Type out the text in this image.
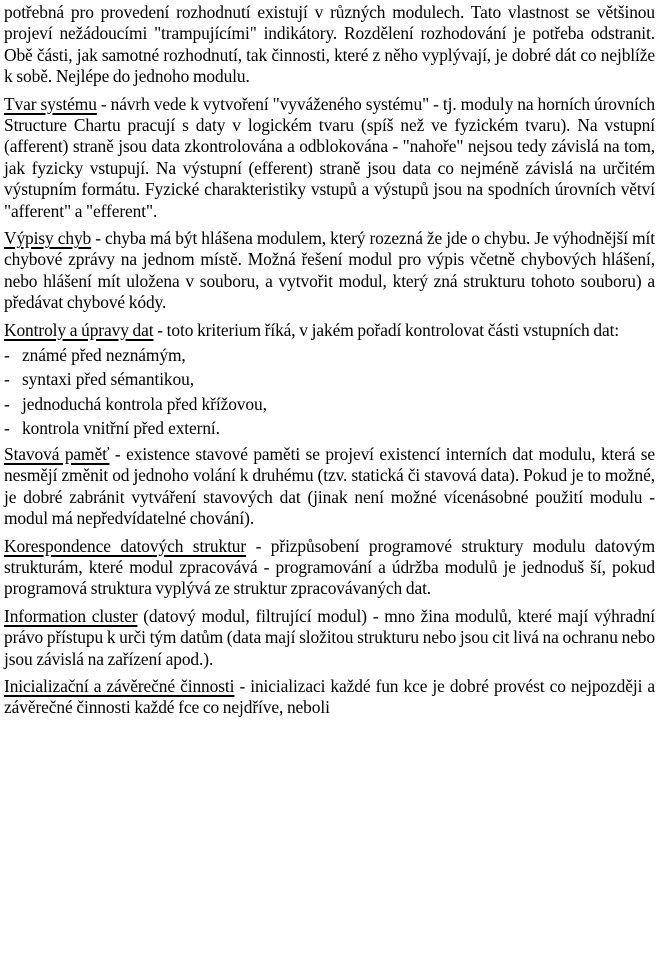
potřebná pro provedení rozhodnutí existují v různých modulech. Tato vlastnost se většinou projeví nežádoucími "trampujícími" indikátory. Rozdělení rozhodování je potřeba odstranit. Obě části, jak samotné rozhodnutí, tak činnosti, které z něho vyplývají, je dobré dát co nejblíže k sobě. Nejlépe do jednoho modulu.

Tvar systému - návrh vede k vytvoření "vyváženého systému" - tj. moduly na horních úrovních Structure Chartu pracují s daty v logickém tvaru (spíš než ve fyzickém tvaru). Na vstupní (afferent) straně jsou data zkontrolována a odblokována - "nahoře" nejsou tedy závislá na tom, jak fyzicky vstupují. Na výstupní (efferent) straně jsou data co nejméně závislá na určitém výstupním formátu. Fyzické charakteristiky vstupů a výstupů jsou na spodních úrovních větví "afferent" a "efferent".

Výpisy chyb - chyba má být hlášena modulem, který rozezná že jde o chybu. Je výhodnější mít chybové zprávy na jednom místě. Možná řešení modul pro výpis včetně chybových hlášení, nebo hlášení mít uložena v souboru, a vytvořit modul, který zná strukturu tohoto souboru) a předávat chybové kódy.

Kontroly a úpravy dat - toto kriterium říká, v jakém pořadí kontrolovat části vstupních dat:

- známé před neznámým,
- syntaxi před sémantikou,
- jednoduchá kontrola před křížovou,
- kontrola vnitřní před externí.

Stavová paměť - existence stavové paměti se projeví existencí interních dat modulu, která se nesmějí změnit od jednoho volání k druhému (tzv. statická či stavová data). Pokud je to možné, je dobré zabránit vytváření stavových dat (jinak není možné vícenásobné použití modulu - modul má nepředvídatelné chování).

Korespondence datových struktur - přizpůsobení programové struktury modulu datovým strukturám, které modul zpracovává - programování a údržba modulů je jednoduš ší, pokud programová struktura vyplývá ze struktur zpracovávaných dat.

Information cluster (datový modul, filtrující modul) - mno žina modulů, které mají výhradní právo přístupu k urči tým datům (data mají složitou strukturu nebo jsou cit livá na ochranu nebo jsou závislá na zařízení apod.).

Inicializační a závěrečné činnosti - inicializaci každé fun kce je dobré provést co nejpozději a závěrečné činnosti každé fce co nejdříve, neboli
